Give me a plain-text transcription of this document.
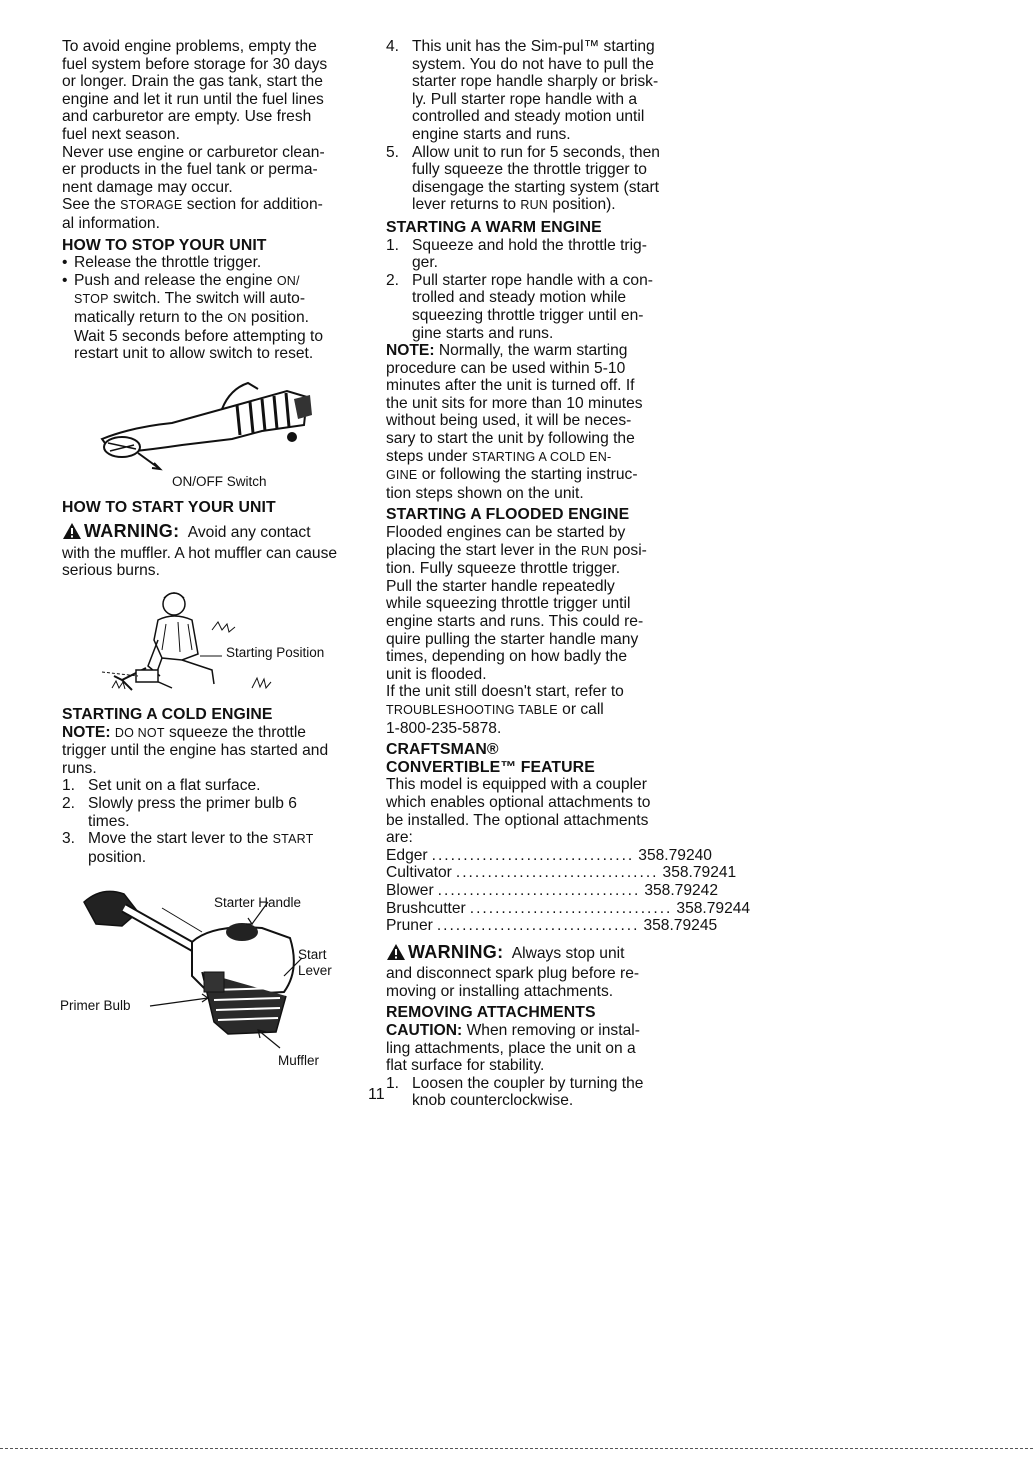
To avoid engine problems, empty the

fuel system before storage for 30 days

or longer. Drain the gas tank, start the

engine and let it run until the fuel lines

and carburetor are empty. Use fresh

fuel next season.

Never use engine or carburetor clean-

er products in the fuel tank or perma-

nent damage may occur.

See the STORAGE section for addition-

al information.

HOW TO STOP YOUR UNIT

• Release the throttle trigger.

• Push and release the engine ON/

STOP switch. The switch will auto-

matically return to the ON position.

Wait 5 seconds before attempting to

restart unit to allow switch to reset.

ON/OFF Switch

HOW TO START YOUR UNIT

WARNING: Avoid any contact

with the muffler. A hot muffler can cause

serious burns.

Starting Position

STARTING A COLD ENGINE

NOTE: DO NOT squeeze the throttle

trigger until the engine has started and

runs.

1. Set unit on a flat surface.

2. Slowly press the primer bulb 6

times.

3. Move the start lever to the START

position.

Starter Handle
Start
Lever
Primer Bulb
Muffler
4. This unit has the Sim-pul™ starting

system. You do not have to pull the

starter rope handle sharply or brisk-

ly. Pull starter rope handle with a

controlled and steady motion until

engine starts and runs.

5. Allow unit to run for 5 seconds, then

fully squeeze the throttle trigger to

disengage the starting system (start

lever returns to RUN position).

STARTING A WARM ENGINE

1. Squeeze and hold the throttle trig-

ger.

2. Pull starter rope handle with a con-

trolled and steady motion while

squeezing throttle trigger until en-

gine starts and runs.

NOTE: Normally, the warm starting

procedure can be used within 5-10

minutes after the unit is turned off. If

the unit sits for more than 10 minutes

without being used, it will be neces-

sary to start the unit by following the

steps under STARTING A COLD EN-

GINE or following the starting instruc-

tion steps shown on the unit.

STARTING A FLOODED ENGINE

Flooded engines can be started by

placing the start lever in the RUN posi-

tion. Fully squeeze throttle trigger.

Pull the starter handle repeatedly

while squeezing throttle trigger until

engine starts and runs. This could re-

quire pulling the starter handle many

times, depending on how badly the

unit is flooded.

If the unit still doesn't start, refer to

TROUBLESHOOTING TABLE or call

1-800-235-5878.

CRAFTSMAN®

CONVERTIBLE™ FEATURE

This model is equipped with a coupler

which enables optional attachments to

be installed. The optional attachments

are:

Edger ................................ 358.79240
Cultivator ................................ 358.79241
Blower ................................ 358.79242
Brushcutter ................................ 358.79244
Pruner ................................ 358.79245

WARNING: Always stop unit

and disconnect spark plug before re-

moving or installing attachments.

REMOVING ATTACHMENTS

CAUTION: When removing or instal-

ling attachments, place the unit on a

flat surface for stability.

1. Loosen the coupler by turning the

knob counterclockwise.

11
